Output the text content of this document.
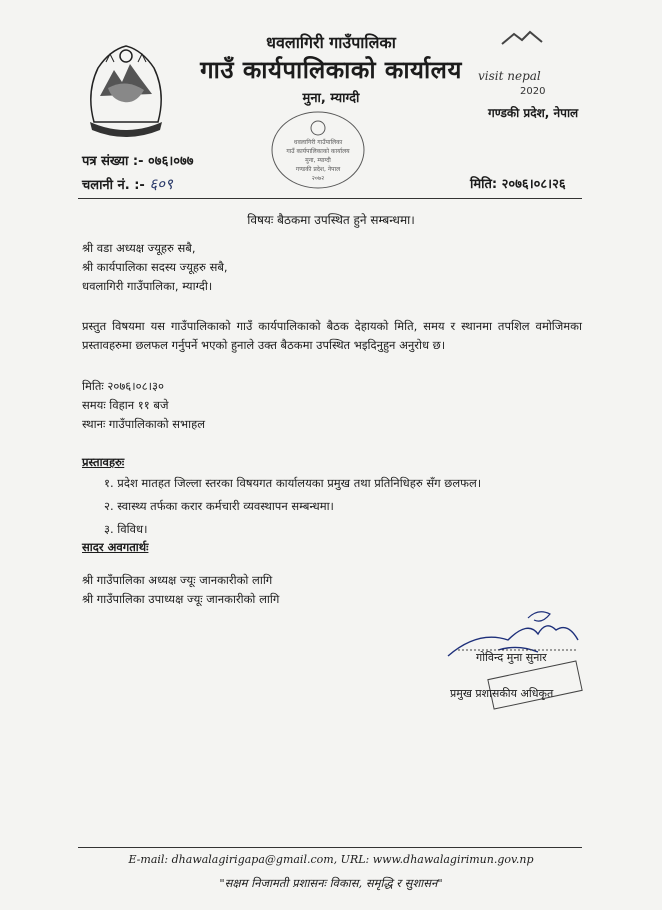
धवलागिरी गाउँपालिका
गाउँ कार्यपालिकाको कार्यालय
मुना, म्याग्दी
visit nepal
2020
गण्डकी प्रदेश, नेपाल
धवलागिरी गाउँपालिका
गाउँ कार्यपालिकाको कार्यालय
मुना, म्याग्दी
गण्डकी प्रदेश, नेपाल
२०७२
पत्र संख्या :- ०७६।०७७
चलानी नं. :- ६०९	मिति: २०७६।०८।२६
विषयः बैठकमा उपस्थित हुने सम्बन्धमा।
श्री वडा अध्यक्ष ज्यूहरु सबै,
श्री कार्यपालिका सदस्य ज्यूहरु सबै,
धवलागिरी गाउँपालिका, म्याग्दी।
प्रस्तुत विषयमा यस गाउँपालिकाको गाउँ कार्यपालिकाको बैठक देहायको मिति, समय र स्थानमा तपशिल वमोजिमका प्रस्तावहरुमा छलफल गर्नुपर्ने भएको हुनाले उक्त बैठकमा उपस्थित भइदिनुहुन अनुरोध छ।
मितिः २०७६।०८।३०
समयः विहान ११ बजे
स्थानः गाउँपालिकाको सभाहल
प्रस्तावहरुः
१. प्रदेश मातहत जिल्ला स्तरका विषयगत कार्यालयका प्रमुख तथा प्रतिनिधिहरु सँग छलफल।
२. स्वास्थ्य तर्फका करार कर्मचारी व्यवस्थापन सम्बन्धमा।
३. विविध।
सादर अवगतार्थः
श्री गाउँपालिका अध्यक्ष ज्यूः जानकारीको लागि
श्री गाउँपालिका उपाध्यक्ष ज्यूः जानकारीको लागि
गोविन्द मुना सुनार
प्रमुख प्रशासकीय अधिकृत
E-mail: dhawalagirigapa@gmail.com, URL: www.dhawalagirimun.gov.np
"सक्षम निजामती प्रशासनः विकास, समृद्धि र सुशासन"
